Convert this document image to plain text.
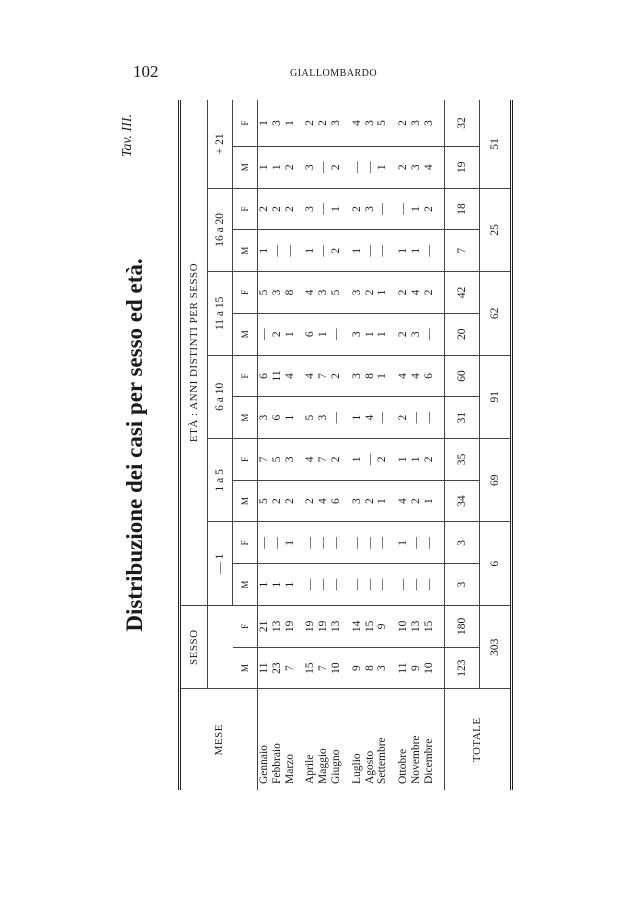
102	GIALLOMBARDO
Distribuzione dei casi per sesso ed età.
Tav. III.
MESE	SESSO		ETÀ : ANNI DISTINTI PER SESSO											
			— 1		1 a 5		6 a 10		11 a 15		16 a 20		+ 21	
	M	F	M	F	M	F	M	F	M	F	M	F	M	F
Gennaio	11	21	1	—	5	7	3	6	—	5	1	2	1	1
Febbraio	23	13	1	—	2	5	6	11	2	3	—	2	1	3
Marzo	7	19	1	1	2	3	1	4	1	8	—	2	2	1

Aprile	15	19	—	—	2	4	5	4	6	4	1	3	3	2
Maggio	7	19	—	—	4	7	3	7	1	3	—	—	—	2
Giugno	10	13	—	—	6	2	—	2	—	5	2	1	2	3

Luglio	9	14	—	—	3	1	1	3	3	3	1	2	—	4
Agosto	8	15	—	—	2	—	4	8	1	2	—	3	—	3
Settembre	3	9	—	—	1	2	—	1	1	1	—	—	1	5

Ottobre	11	10	—	1	4	1	2	4	2	2	1	—	2	2
Novembre	9	13	—	—	2	1	—	4	3	4	1	1	3	3
Dicembre	10	15	—	—	1	2	—	6	—	2	—	2	4	3

TOTALE	123	180	3	3	34	35	31	60	20	42	7	18	19	32
	303		6		69		91		62		25		51	
